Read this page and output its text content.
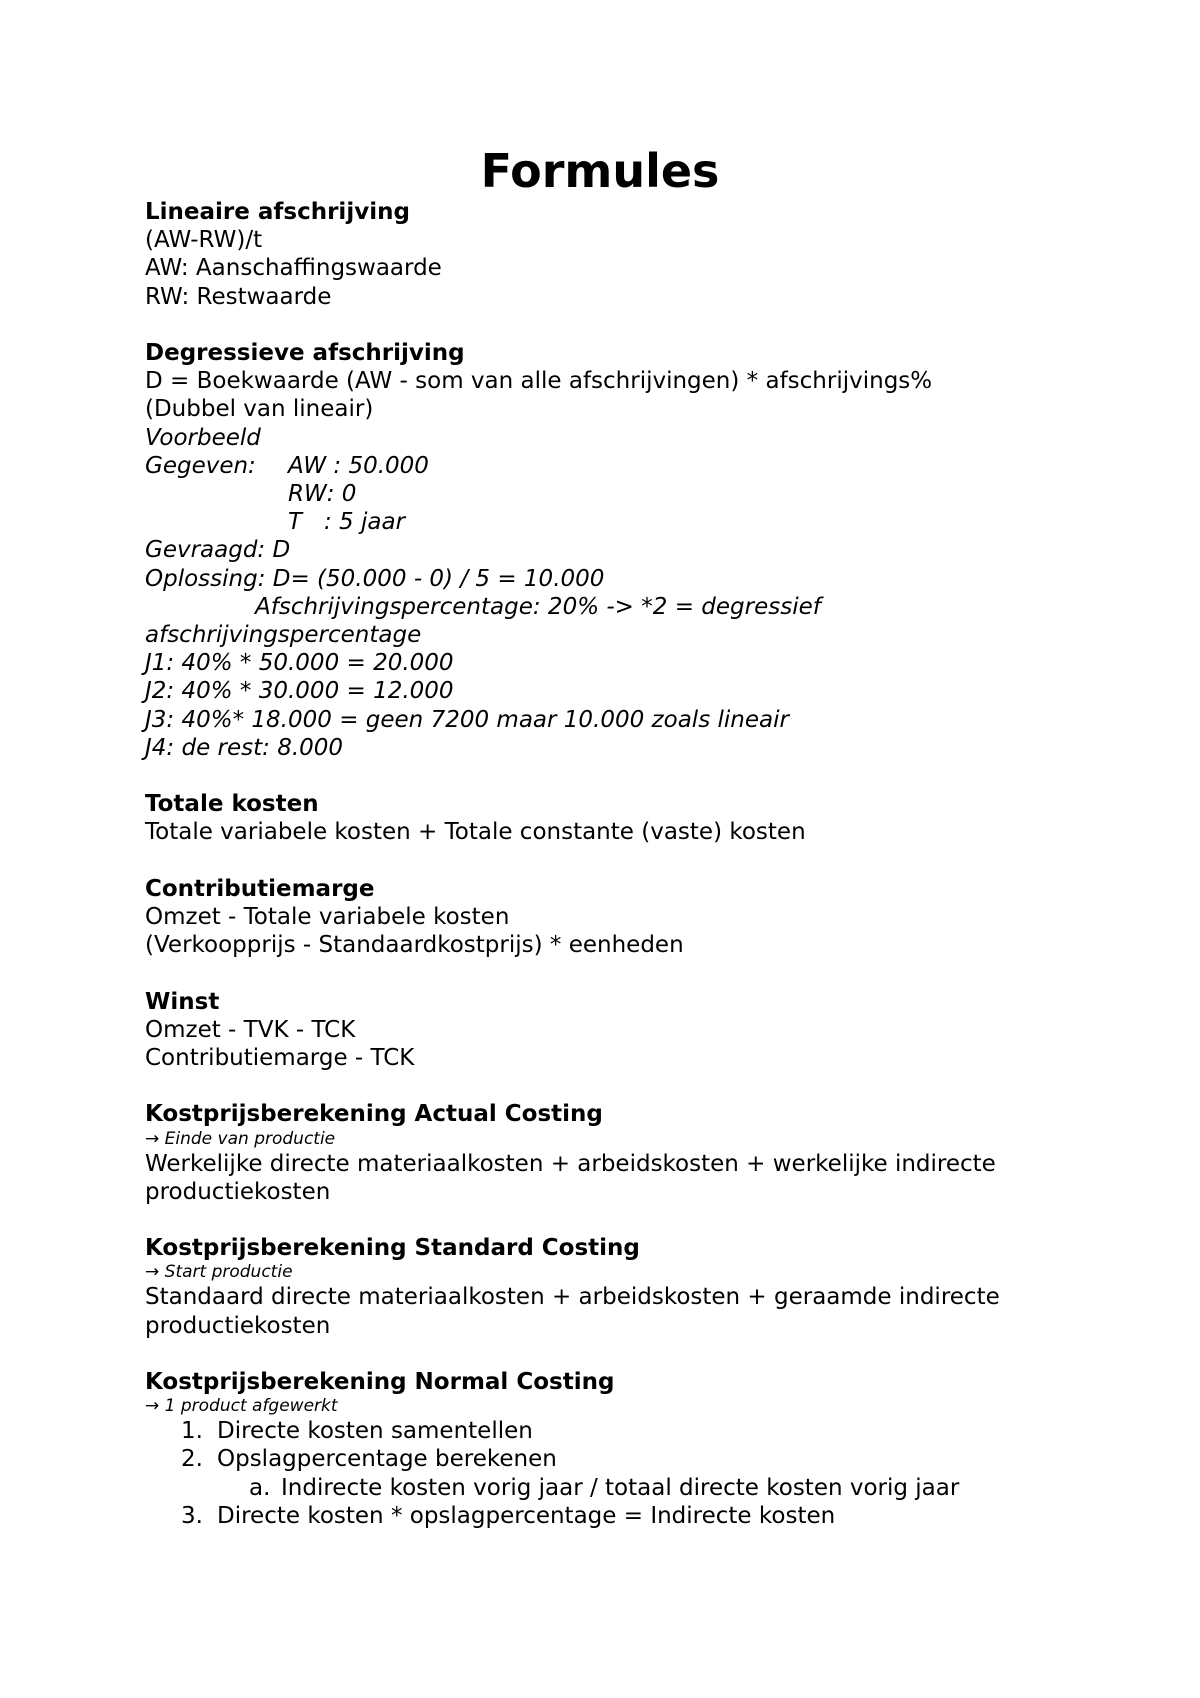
Formules
Lineaire afschrijving
(AW-RW)/t
AW: Aanschaffingswaarde
RW: Restwaarde
Degressieve afschrijving
D = Boekwaarde (AW - som van alle afschrijvingen) * afschrijvings%
(Dubbel van lineair)
Voorbeeld
Gegeven: AW : 50.000
RW: 0
T   : 5 jaar
Gevraagd: D
Oplossing: D= (50.000 - 0) / 5 = 10.000
Afschrijvingspercentage: 20% -> *2 = degressief afschrijvingspercentage
J1: 40% * 50.000 = 20.000
J2: 40% * 30.000 = 12.000
J3: 40%* 18.000 = geen 7200 maar 10.000 zoals lineair
J4: de rest: 8.000
Totale kosten
Totale variabele kosten + Totale constante (vaste) kosten
Contributiemarge
Omzet - Totale variabele kosten
(Verkoopprijs - Standaardkostprijs) * eenheden
Winst
Omzet - TVK - TCK
Contributiemarge - TCK
Kostprijsberekening Actual Costing
→ Einde van productie
Werkelijke directe materiaalkosten + arbeidskosten + werkelijke indirecte productiekosten
Kostprijsberekening Standard Costing
→ Start productie
Standaard directe materiaalkosten + arbeidskosten + geraamde indirecte productiekosten
Kostprijsberekening Normal Costing
→ 1 product afgewerkt
1. Directe kosten samentellen
2. Opslagpercentage berekenen
a. Indirecte kosten vorig jaar / totaal directe kosten vorig jaar
3. Directe kosten * opslagpercentage = Indirecte kosten
